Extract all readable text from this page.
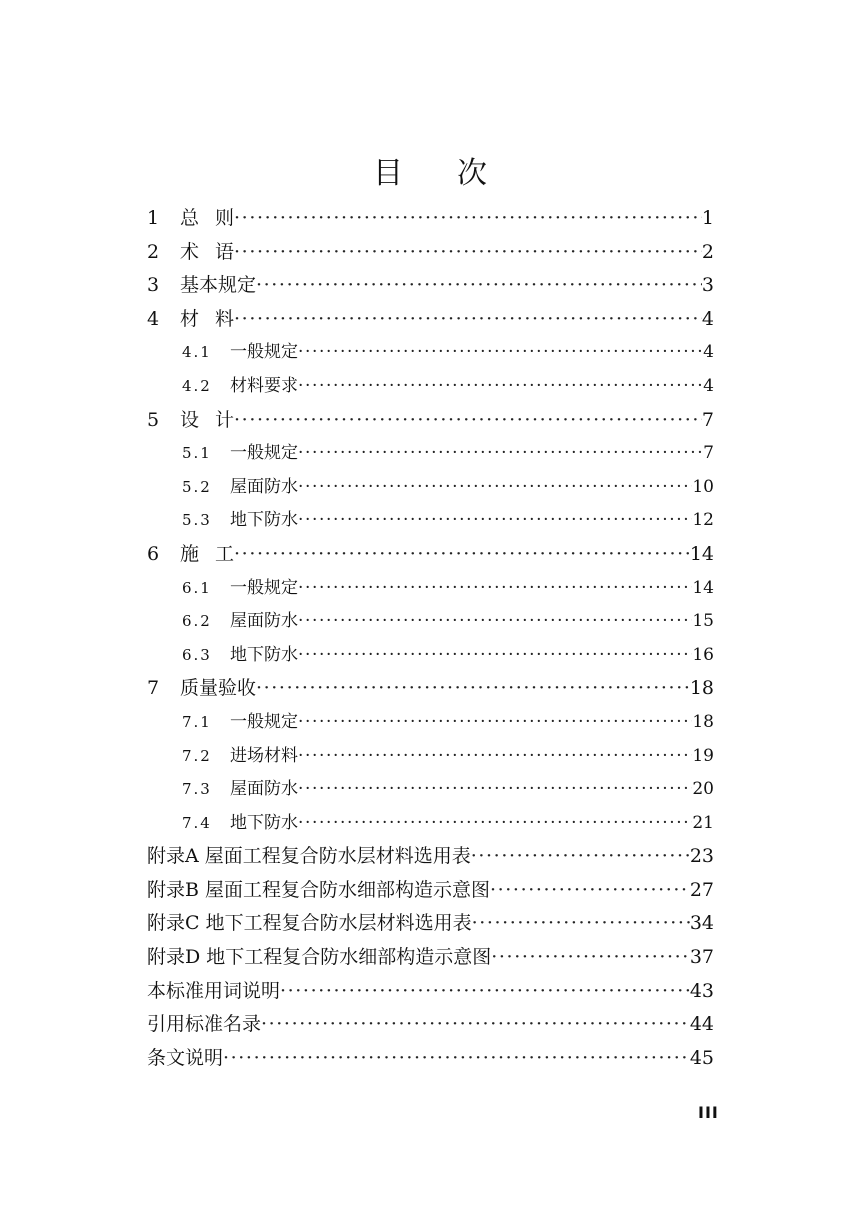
目 次
1	总 则 ·····	1
2	术 语 ·····	2
3	基本规定 ·····	3
4	材 料 ·····	4
4.1	一般规定 ·····	4
4.2	材料要求 ·····	4
5	设 计 ·····	7
5.1	一般规定 ·····	7
5.2	屋面防水 ·····	10
5.3	地下防水 ·····	12
6	施 工 ·····	14
6.1	一般规定 ·····	14
6.2	屋面防水 ·····	15
6.3	地下防水 ·····	16
7	质量验收 ·····	18
7.1	一般规定 ·····	18
7.2	进场材料 ·····	19
7.3	屋面防水 ·····	20
7.4	地下防水 ·····	21
附录A 屋面工程复合防水层材料选用表 ·····	23
附录B 屋面工程复合防水细部构造示意图 ·····	27
附录C 地下工程复合防水层材料选用表 ·····	34
附录D 地下工程复合防水细部构造示意图 ·····	37
本标准用词说明 ·····	43
引用标准名录 ·····	44
条文说明 ·····	45
III
